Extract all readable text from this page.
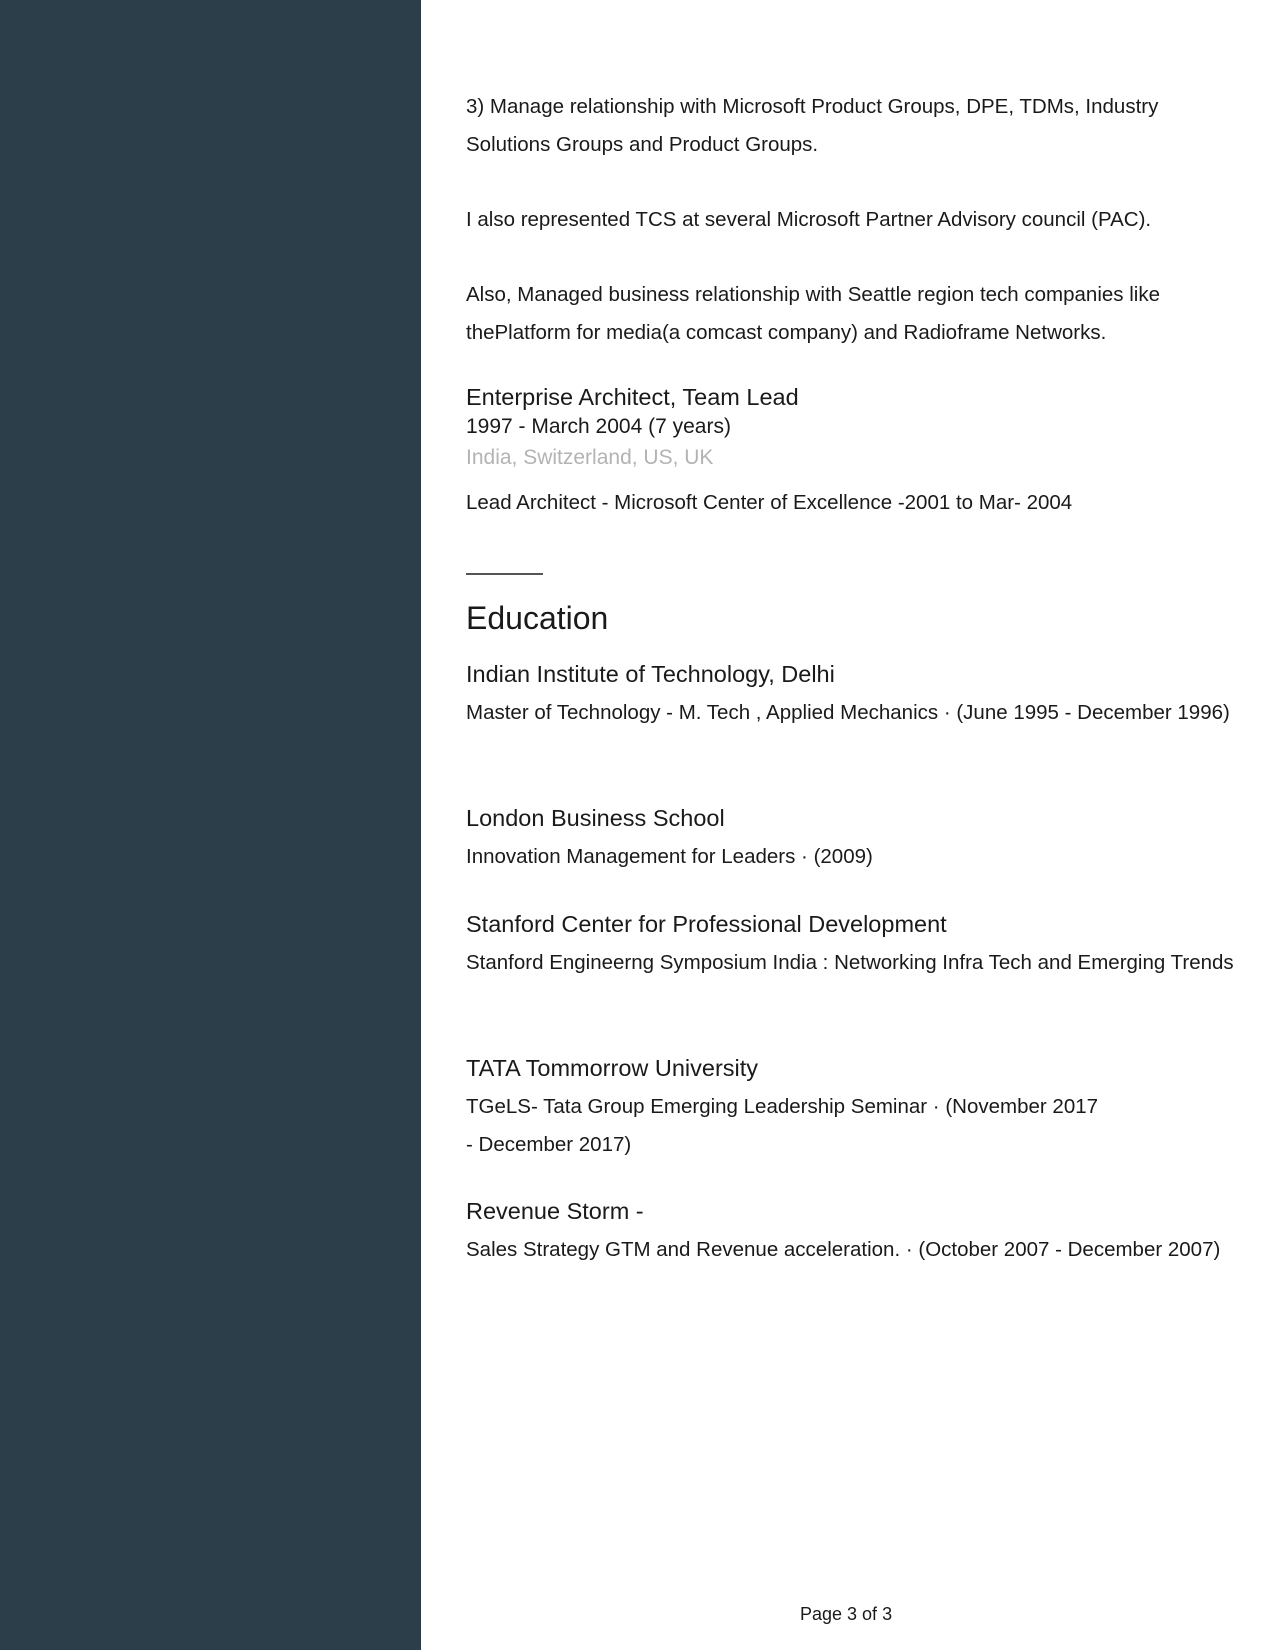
3) Manage relationship with Microsoft Product Groups, DPE, TDMs, Industry Solutions Groups and Product Groups.

I also represented TCS at several Microsoft Partner Advisory council (PAC).

Also, Managed business relationship with Seattle region tech companies like thePlatform for media(a comcast company) and Radioframe Networks.

Enterprise Architect, Team Lead

1997 - March 2004 (7 years)

India, Switzerland, US, UK

Lead Architect - Microsoft Center of Excellence -2001 to Mar- 2004

Education
Indian Institute of Technology, Delhi

Master of Technology - M. Tech , Applied Mechanics · (June 1995 - December 1996)

London Business School

Innovation Management for Leaders · (2009)

Stanford Center for Professional Development

Stanford Engineerng Symposium India : Networking Infra Tech and Emerging Trends

TATA Tommorrow University

TGeLS- Tata Group Emerging Leadership Seminar · (November 2017 - December 2017)

Revenue Storm -

Sales Strategy GTM and Revenue acceleration. · (October 2007 - December 2007)

Page 3 of 3
